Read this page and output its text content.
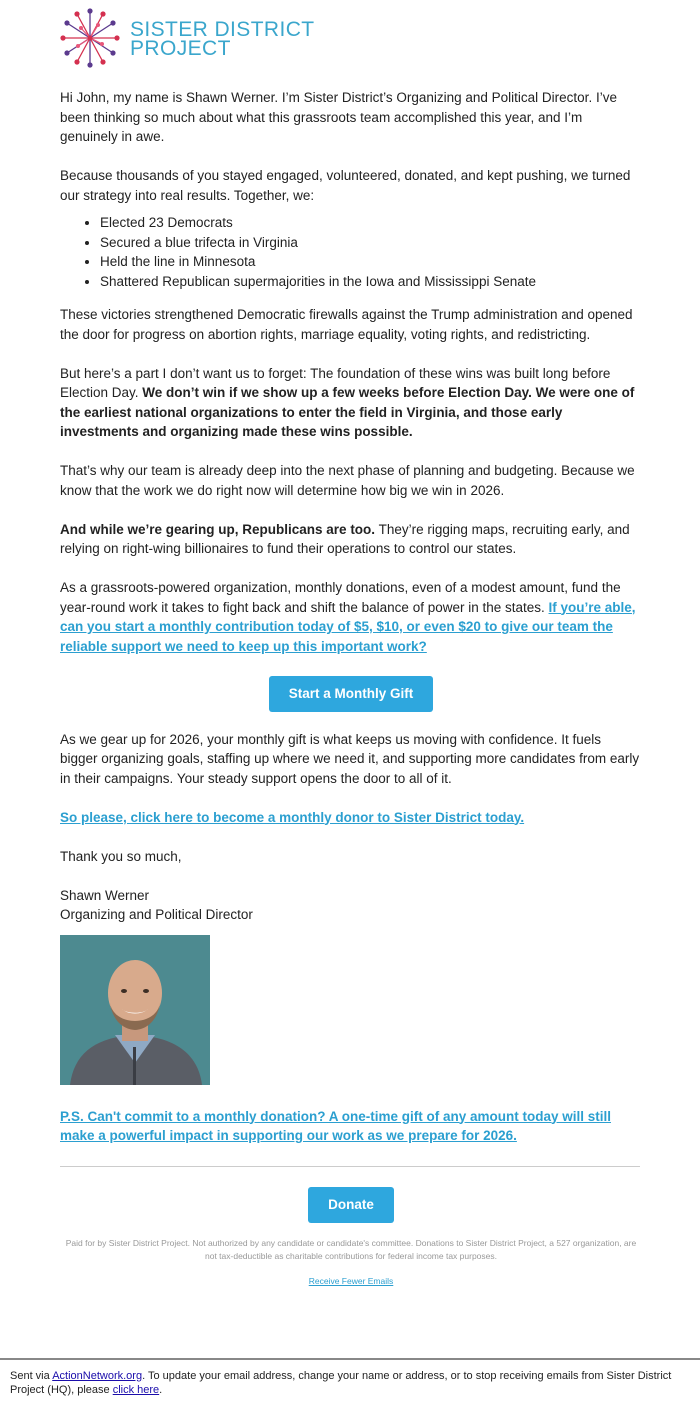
SISTER DISTRICT
PROJECT

Hi John, my name is Shawn Werner. I’m Sister District’s Organizing and Political Director. I’ve been thinking so much about what this grassroots team accomplished this year, and I’m genuinely in awe.

Because thousands of you stayed engaged, volunteered, donated, and kept pushing, we turned our strategy into real results. Together, we:

• Elected 23 Democrats
• Secured a blue trifecta in Virginia
• Held the line in Minnesota
• Shattered Republican supermajorities in the Iowa and Mississippi Senate

These victories strengthened Democratic firewalls against the Trump administration and opened the door for progress on abortion rights, marriage equality, voting rights, and redistricting.

But here’s a part I don’t want us to forget: The foundation of these wins was built long before Election Day. We don’t win if we show up a few weeks before Election Day. We were one of the earliest national organizations to enter the field in Virginia, and those early investments and organizing made these wins possible.

That’s why our team is already deep into the next phase of planning and budgeting. Because we know that the work we do right now will determine how big we win in 2026.

And while we’re gearing up, Republicans are too. They’re rigging maps, recruiting early, and relying on right-wing billionaires to fund their operations to control our states.

As a grassroots-powered organization, monthly donations, even of a modest amount, fund the year-round work it takes to fight back and shift the balance of power in the states. If you’re able, can you start a monthly contribution today of $5, $10, or even $20 to give our team the reliable support we need to keep up this important work?

Start a Monthly Gift

As we gear up for 2026, your monthly gift is what keeps us moving with confidence. It fuels bigger organizing goals, staffing up where we need it, and supporting more candidates from early in their campaigns. Your steady support opens the door to all of it.

So please, click here to become a monthly donor to Sister District today.

Thank you so much,

Shawn Werner
Organizing and Political Director

P.S. Can't commit to a monthly donation? A one-time gift of any amount today will still make a powerful impact in supporting our work as we prepare for 2026.

Donate
Paid for by Sister District Project. Not authorized by any candidate or candidate's committee. Donations to Sister District Project, a 527 organization, are not tax-deductible as charitable contributions for federal income tax purposes.
Receive Fewer Emails
Sent via ActionNetwork.org. To update your email address, change your name or address, or to stop receiving emails from Sister District Project (HQ), please click here.
